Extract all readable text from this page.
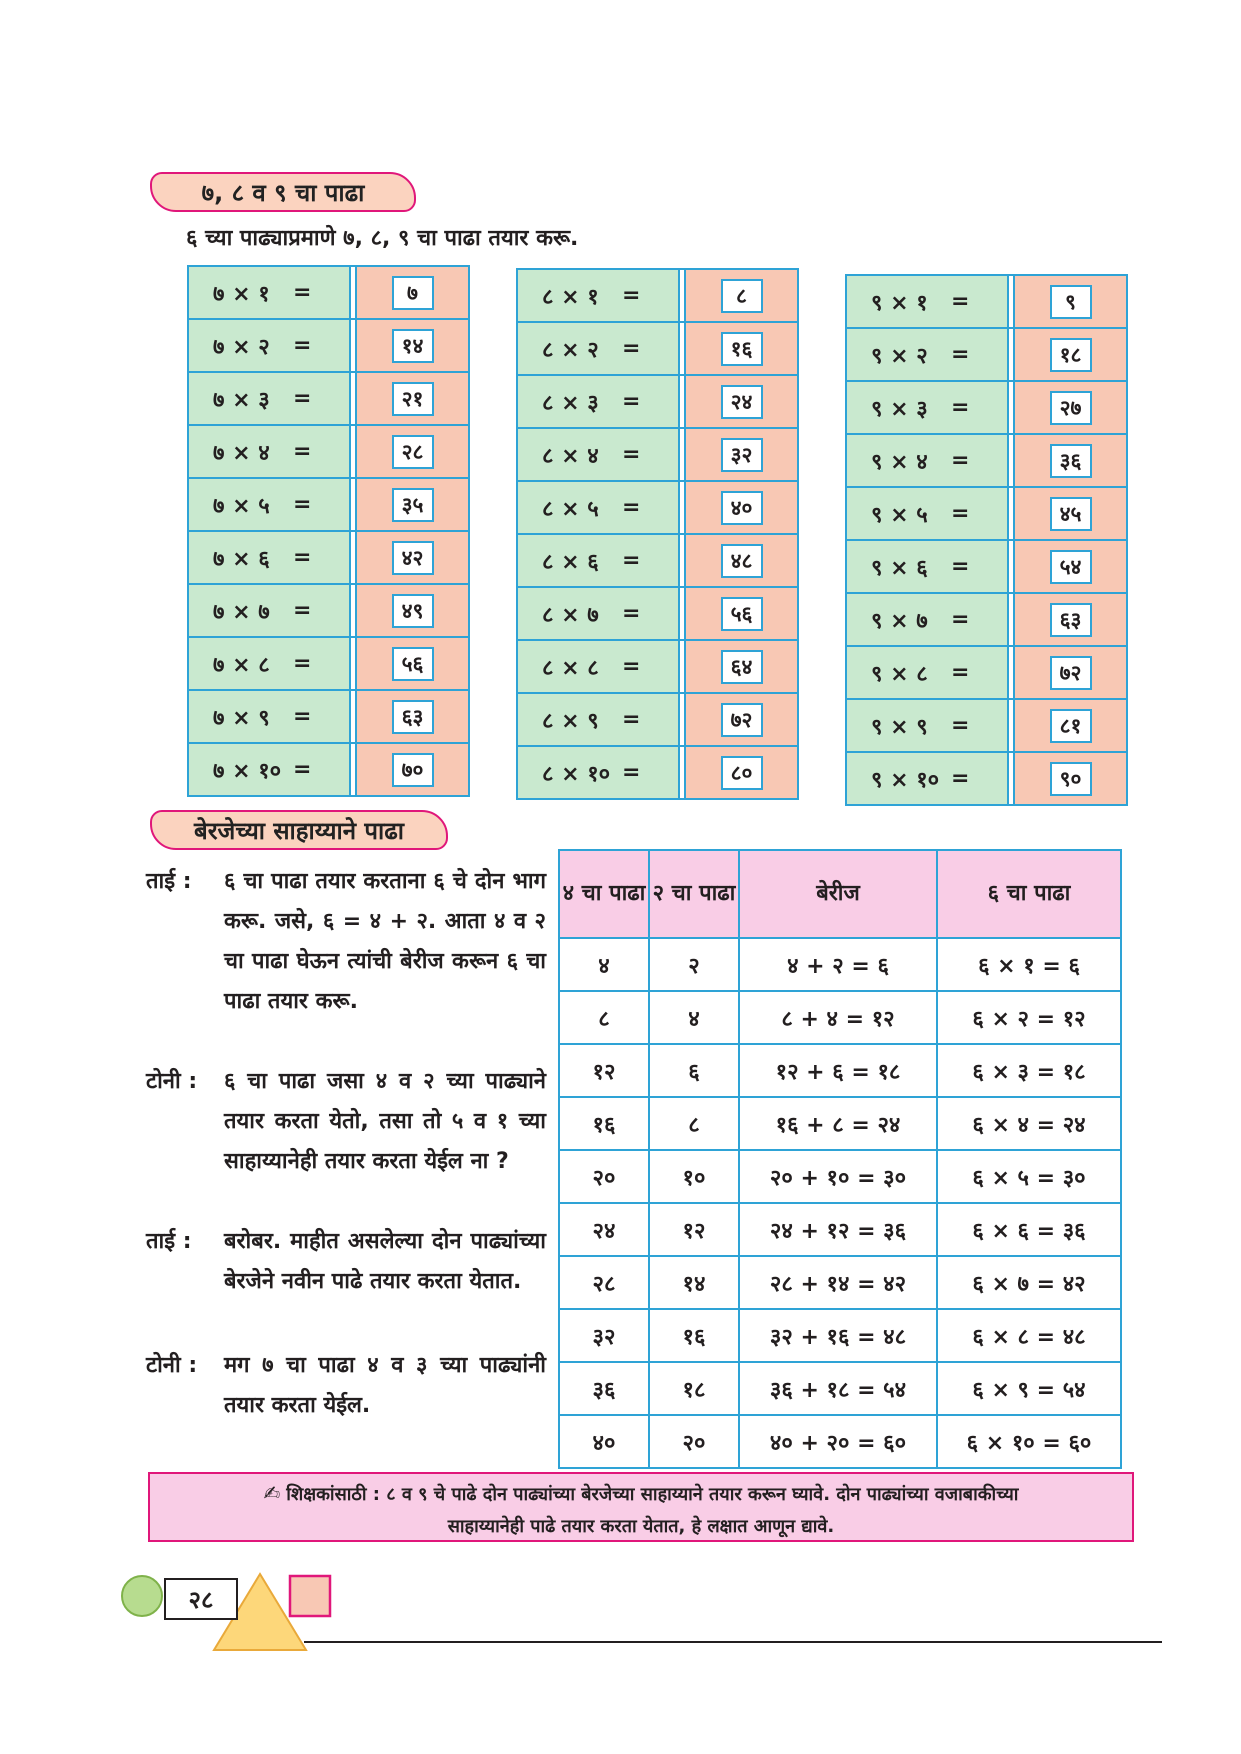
७, ८ व ९ चा पाढा
६ च्या पाढ्याप्रमाणे ७, ८, ९ चा पाढा तयार करू.
७ × १	=	७
७ × २	=	१४
७ × ३	=	२१
७ × ४	=	२८
७ × ५	=	३५
७ × ६	=	४२
७ × ७	=	४९
७ × ८	=	५६
७ × ९	=	६३
७ × १० =	७०
८ × १	=	८
८ × २	=	१६
८ × ३	=	२४
८ × ४	=	३२
८ × ५	=	४०
८ × ६	=	४८
८ × ७	=	५६
८ × ८	=	६४
८ × ९	=	७२
८ × १० =	८०
९ × १	=	९
९ × २	=	१८
९ × ३	=	२७
९ × ४	=	३६
९ × ५	=	४५
९ × ६	=	५४
९ × ७	=	६३
९ × ८	=	७२
९ × ९	=	८१
९ × १० =	९०
बेरजेच्या साहाय्याने पाढा
ताई : ६ चा पाढा तयार करताना ६ चे दोन भाग करू. जसे, ६ = ४ + २. आता ४ व २ चा पाढा घेऊन त्यांची बेरीज करून ६ चा पाढा तयार करू.
टोनी : ६ चा पाढा जसा ४ व २ च्या पाढ्याने तयार करता येतो, तसा तो ५ व १ च्या साहाय्यानेही तयार करता येईल ना ?
ताई : बरोबर. माहीत असलेल्या दोन पाढ्यांच्या बेरजेने नवीन पाढे तयार करता येतात.
टोनी : मग ७ चा पाढा ४ व ३ च्या पाढ्यांनी तयार करता येईल.
४ चा पाढा	२ चा पाढा	बेरीज	६ चा पाढा
४	२	४ + २ = ६	६ × १ = ६
८	४	८ + ४ = १२	६ × २ = १२
१२	६	१२ + ६ = १८	६ × ३ = १८
१६	८	१६ + ८ = २४	६ × ४ = २४
२०	१०	२० + १० = ३०	६ × ५ = ३०
२४	१२	२४ + १२ = ३६	६ × ६ = ३६
२८	१४	२८ + १४ = ४२	६ × ७ = ४२
३२	१६	३२ + १६ = ४८	६ × ८ = ४८
३६	१८	३६ + १८ = ५४	६ × ९ = ५४
४०	२०	४० + २० = ६०	६ × १० = ६०
✍ शिक्षकांसाठी : ८ व ९ चे पाढे दोन पाढ्यांच्या बेरजेच्या साहाय्याने तयार करून घ्यावे. दोन पाढ्यांच्या वजाबाकीच्या
साहाय्यानेही पाढे तयार करता येतात, हे लक्षात आणून द्यावे.
२८
